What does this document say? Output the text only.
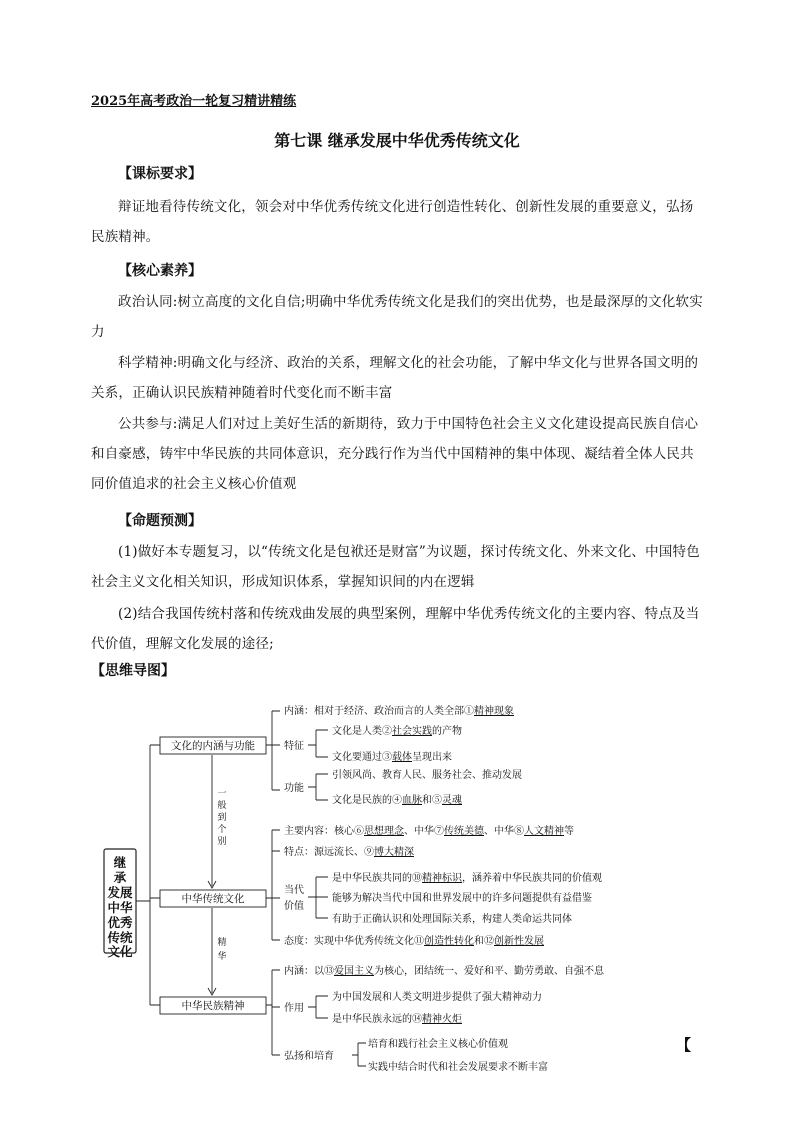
2025年高考政治一轮复习精讲精练
第七课 继承发展中华优秀传统文化
【课标要求】
辩证地看待传统文化，领会对中华优秀传统文化进行创造性转化、创新性发展的重要意义，弘扬民族精神。
【核心素养】
政治认同:树立高度的文化自信;明确中华优秀传统文化是我们的突出优势，也是最深厚的文化软实力
科学精神:明确文化与经济、政治的关系，理解文化的社会功能，了解中华文化与世界各国文明的关系，正确认识民族精神随着时代变化而不断丰富
公共参与:满足人们对过上美好生活的新期待，致力于中国特色社会主义文化建设提高民族自信心和自豪感，铸牢中华民族的共同体意识，充分践行作为当代中国精神的集中体现、凝结着全体人民共同价值追求的社会主义核心价值观
【命题预测】
(1)做好本专题复习，以“传统文化是包袱还是财富”为议题，探讨传统文化、外来文化、中国特色社会主义文化相关知识，形成知识体系，掌握知识间的内在逻辑
(2)结合我国传统村落和传统戏曲发展的典型案例，理解中华优秀传统文化的主要内容、特点及当代价值，理解文化发展的途径;
【思维导图】
继
承
发展
中华
优秀
传统
文化
文化的内涵与功能
中华传统文化
中华民族精神
一
般
到
个
别
精
华
内涵：相对于经济、政治而言的人类全部①精神现象
特征
文化是人类②社会实践的产物
文化要通过③载体呈现出来
功能
引领风尚、教育人民、服务社会、推动发展
文化是民族的④血脉和⑤灵魂
主要内容：核心⑥思想理念、中华⑦传统美德、中华⑧人文精神等
特点：源远流长、⑨博大精深
当代
价值
是中华民族共同的⑩精神标识，涵养着中华民族共同的价值观
能够为解决当代中国和世界发展中的许多问题提供有益借鉴
有助于正确认识和处理国际关系，构建人类命运共同体
态度：实现中华优秀传统文化⑪创造性转化和⑫创新性发展
内涵：以⑬爱国主义为核心，团结统一、爱好和平、勤劳勇敢、自强不息
作用
为中国发展和人类文明进步提供了强大精神动力
是中华民族永远的⑭精神火炬
弘扬和培育
培育和践行社会主义核心价值观
实践中结合时代和社会发展要求不断丰富
【
